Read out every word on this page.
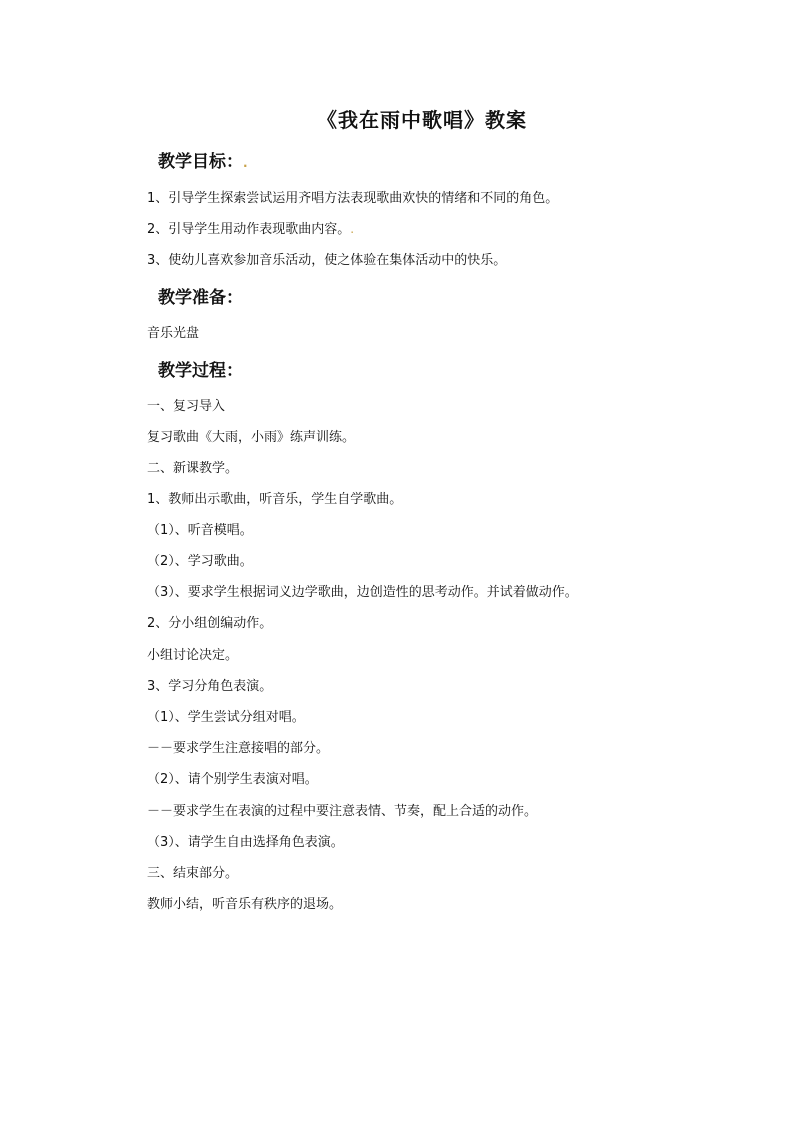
《我在雨中歌唱》教案
教学目标：.
1、引导学生探索尝试运用齐唱方法表现歌曲欢快的情绪和不同的角色。
2、引导学生用动作表现歌曲内容。.
3、使幼儿喜欢参加音乐活动，使之体验在集体活动中的快乐。
教学准备：
音乐光盘
教学过程：
一、复习导入
复习歌曲《大雨，小雨》练声训练。
二、新课教学。
1、教师出示歌曲，听音乐，学生自学歌曲。
（1）、听音模唱。
（2）、学习歌曲。
（3）、要求学生根据词义边学歌曲，边创造性的思考动作。并试着做动作。
2、分小组创编动作。
小组讨论决定。
3、学习分角色表演。
（1）、学生尝试分组对唱。
－－要求学生注意接唱的部分。
（2）、请个别学生表演对唱。
－－要求学生在表演的过程中要注意表情、节奏，配上合适的动作。
（3）、请学生自由选择角色表演。
三、结束部分。
教师小结，听音乐有秩序的退场。
